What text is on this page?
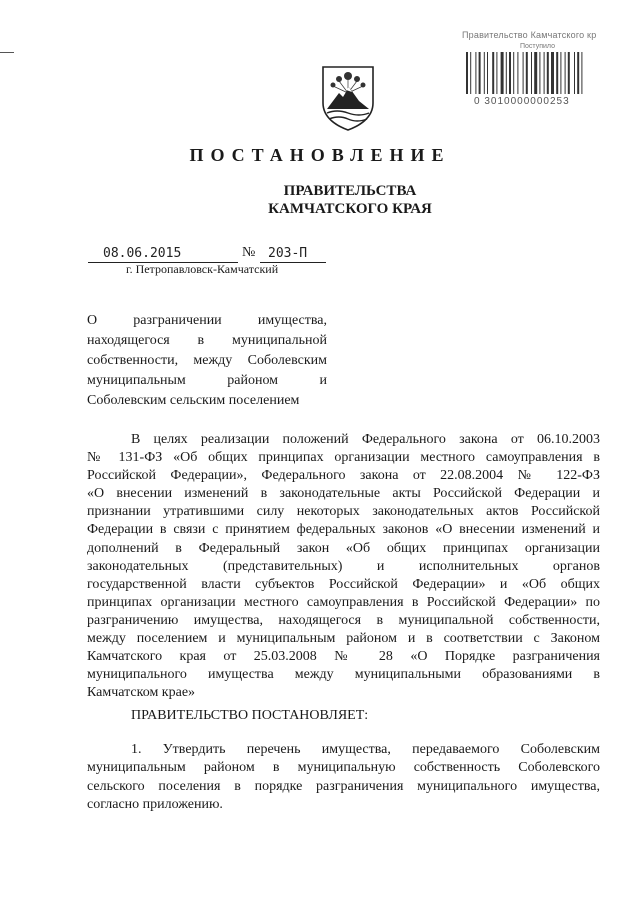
Правительство Камчатского кр
Поступило
0 3010000000253
ПОСТАНОВЛЕНИЕ
ПРАВИТЕЛЬСТВА
КАМЧАТСКОГО КРАЯ
08.06.2015	№ 203-П
г. Петропавловск-Камчатский
О разграничении имущества,
находящегося в муниципальной
собственности, между Соболевским
муниципальным районом и
Соболевским сельским поселением
В целях реализации положений Федерального закона от 06.10.2003
№ 131-ФЗ «Об общих принципах организации местного самоуправления в
Российской Федерации», Федерального закона от 22.08.2004 № 122-ФЗ
«О внесении изменений в законодательные акты Российской Федерации и
признании утратившими силу некоторых законодательных актов Российской
Федерации в связи с принятием федеральных законов «О внесении изменений и
дополнений в Федеральный закон «Об общих принципах организации
законодательных (представительных) и исполнительных органов
государственной власти субъектов Российской Федерации» и «Об общих
принципах организации местного самоуправления в Российской Федерации» по
разграничению имущества, находящегося в муниципальной собственности,
между поселением и муниципальным районом и в соответствии с Законом
Камчатского края от 25.03.2008 № 28 «О Порядке разграничения
муниципального имущества между муниципальными образованиями в
Камчатском крае»
ПРАВИТЕЛЬСТВО ПОСТАНОВЛЯЕТ:
1. Утвердить перечень имущества, передаваемого Соболевским
муниципальным районом в муниципальную собственность Соболевского
сельского поселения в порядке разграничения муниципального имущества,
согласно приложению.
